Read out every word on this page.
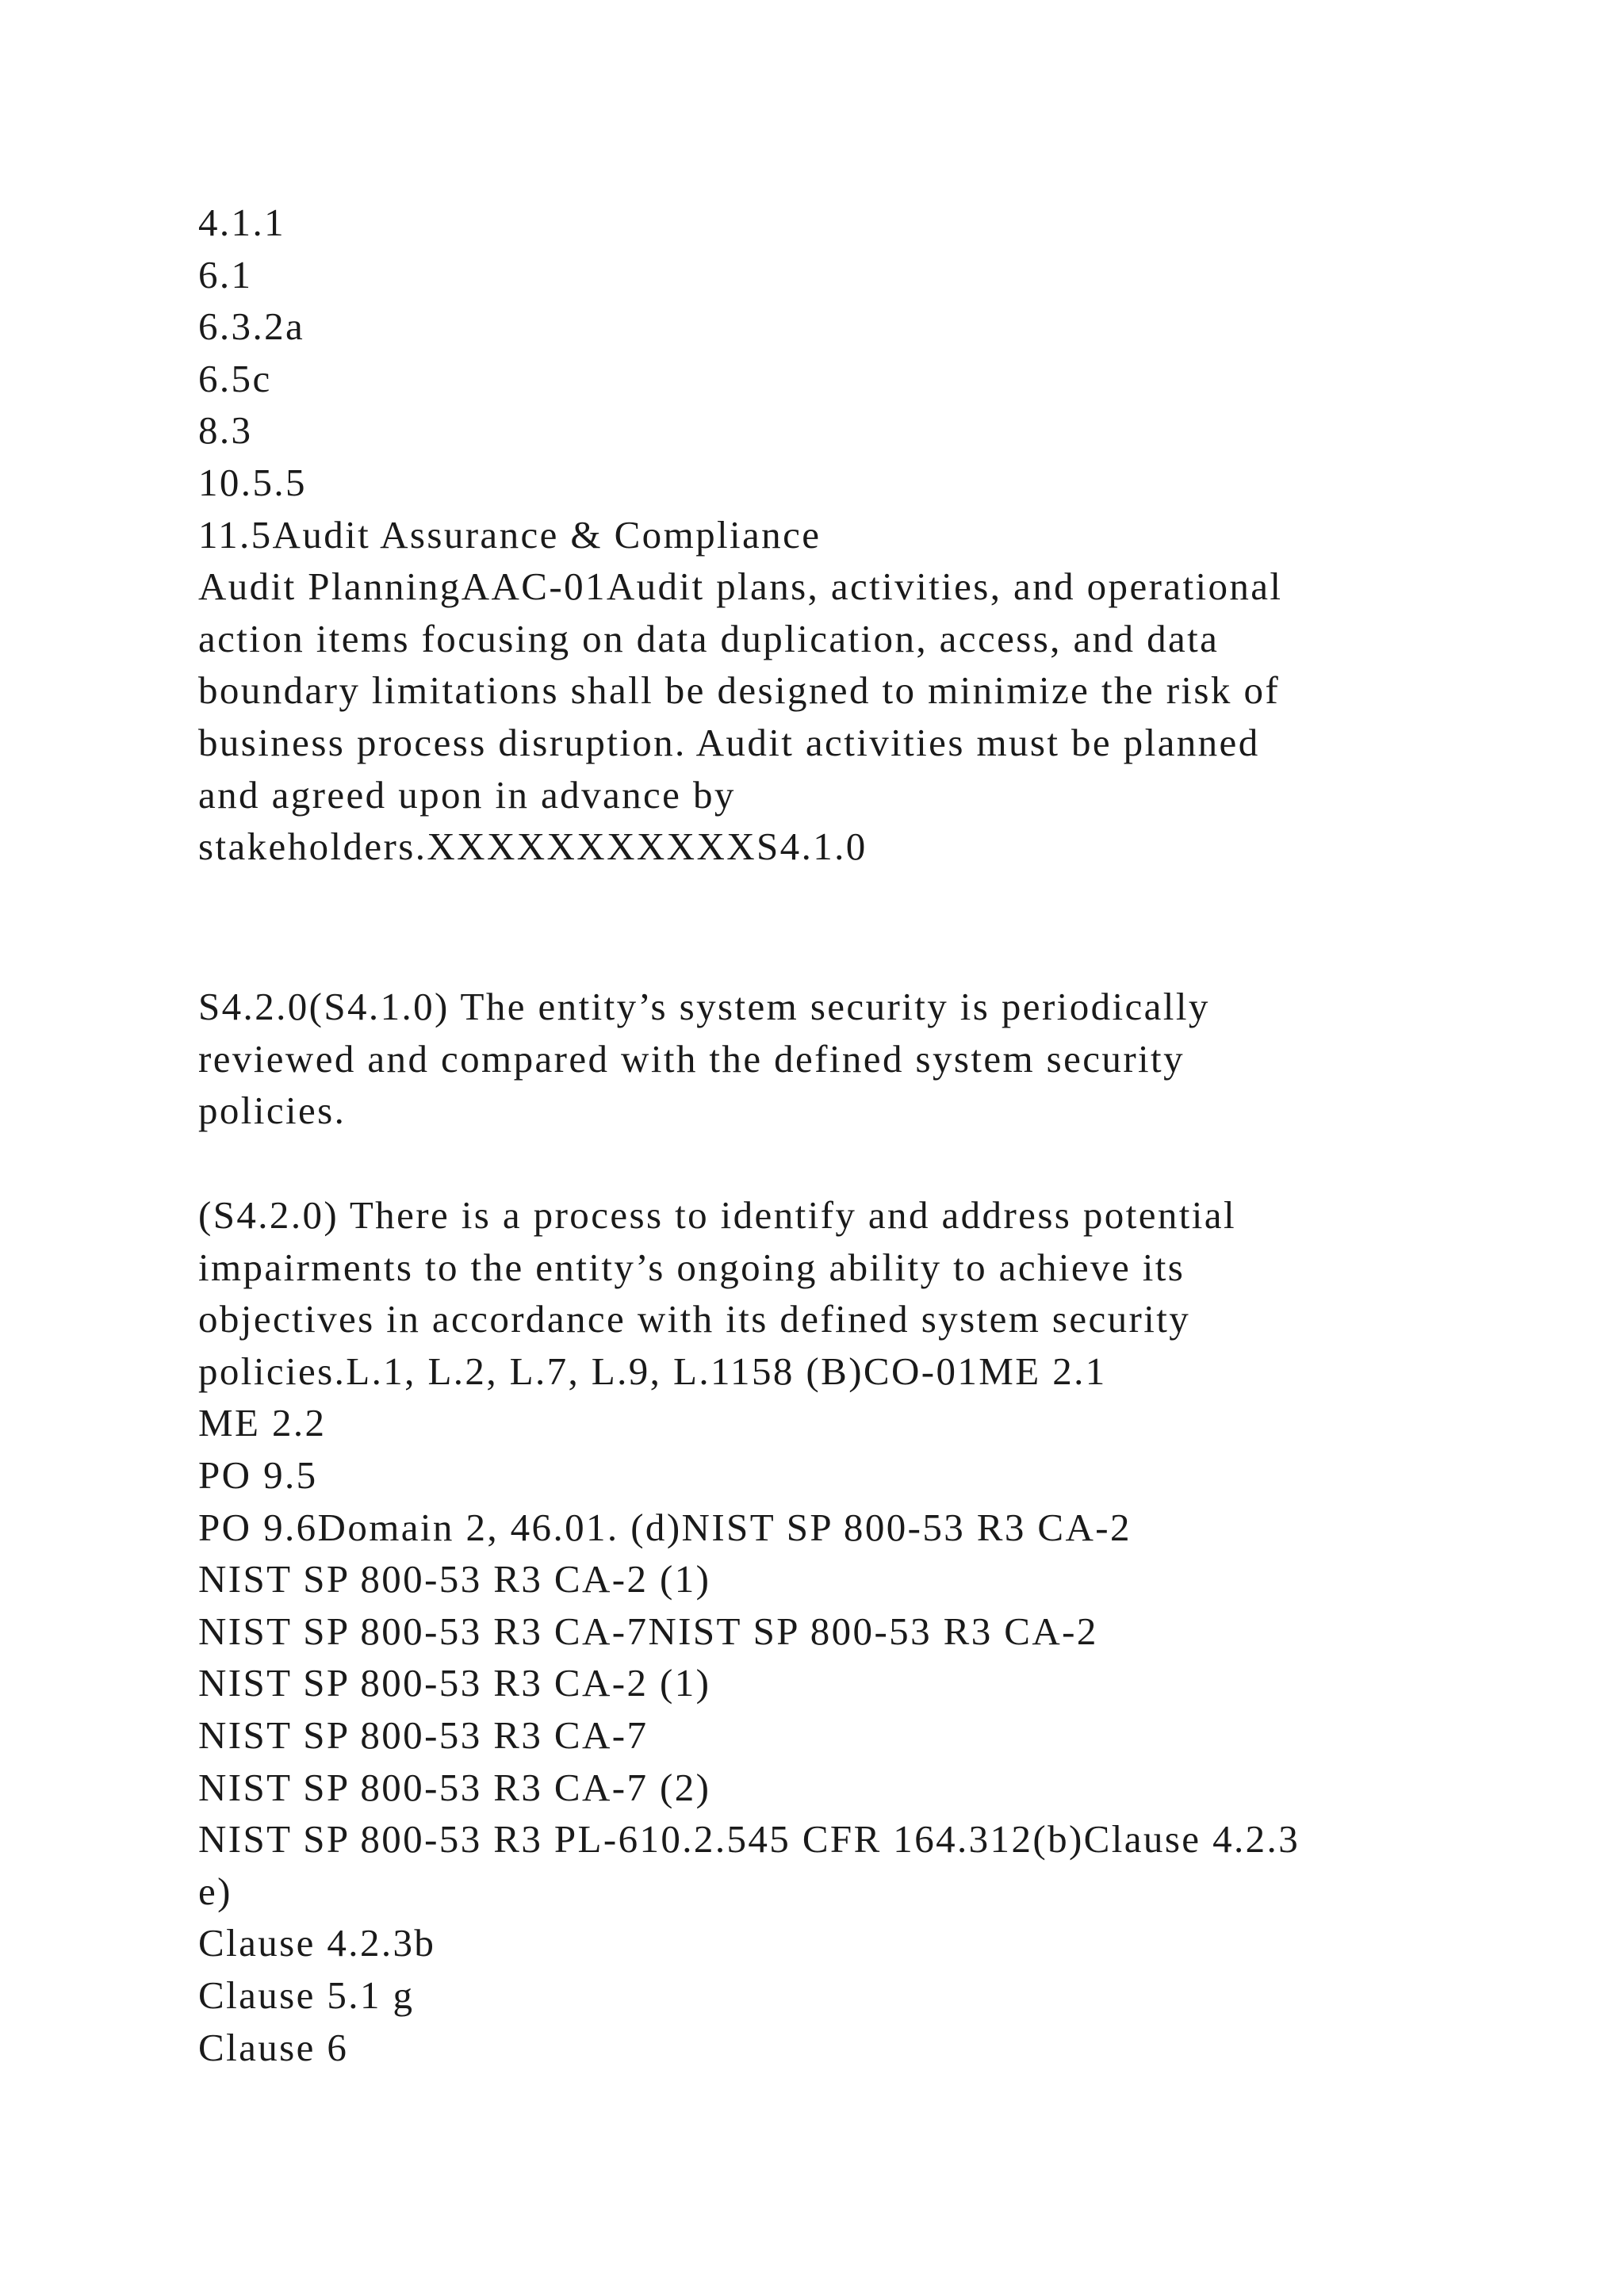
4.1.1
6.1
6.3.2a
6.5c
8.3
10.5.5
11.5Audit Assurance & Compliance
Audit PlanningAAC-01Audit plans, activities, and operational
action items focusing on data duplication, access, and data
boundary limitations shall be designed to minimize the risk of
business process disruption. Audit activities must be planned
and agreed upon in advance by
stakeholders.XXXXXXXXXXXS4.1.0
S4.2.0(S4.1.0) The entity’s system security is periodically
reviewed and compared with the defined system security
policies.
(S4.2.0) There is a process to identify and address potential
impairments to the entity’s ongoing ability to achieve its
objectives in accordance with its defined system security
policies.L.1, L.2, L.7, L.9, L.1158 (B)CO-01ME 2.1
ME 2.2
PO 9.5
PO 9.6Domain 2, 46.01. (d)NIST SP 800-53 R3 CA-2
NIST SP 800-53 R3 CA-2 (1)
NIST SP 800-53 R3 CA-7NIST SP 800-53 R3 CA-2
NIST SP 800-53 R3 CA-2 (1)
NIST SP 800-53 R3 CA-7
NIST SP 800-53 R3 CA-7 (2)
NIST SP 800-53 R3 PL-610.2.545 CFR 164.312(b)Clause 4.2.3
e)
Clause 4.2.3b
Clause 5.1 g
Clause 6
